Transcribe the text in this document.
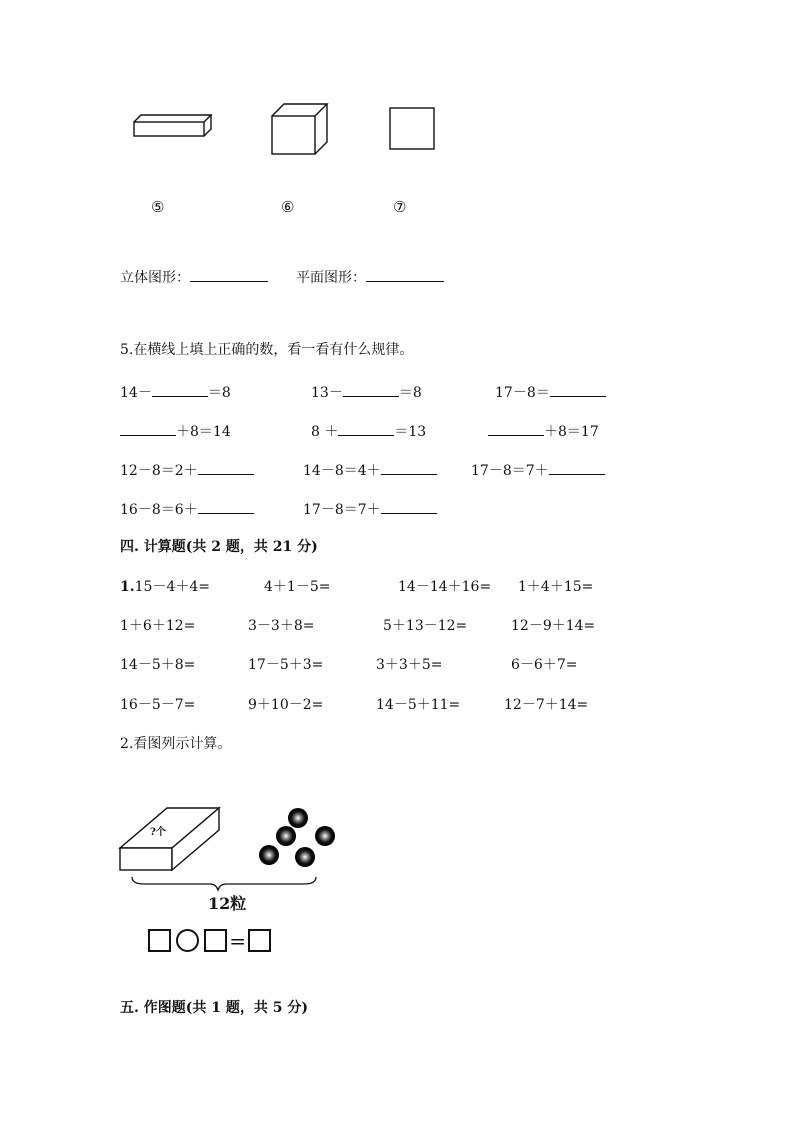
⑤	⑥	⑦
立体图形：	平面图形：
5.在横线上填上正确的数，看一看有什么规律。
14－	＝8	13－	＝8	17－8＝
＋8＝14	8 ＋	＝13	＋8＝17
12－8＝2＋	14－8＝4＋	17－8＝7＋
16－8＝6＋	17－8＝7＋
四. 计算题(共 2 题，共 21 分)
1.15－4＋4=	4＋1－5=	14－14＋16= 1＋4＋15=
1＋6＋12=	3－3＋8=	5＋13－12=	12－9＋14=
14－5＋8=	17－5＋3=	3＋3＋5=	6－6＋7=
16－5－7=	9＋10－2=	14－5＋11=	12－7＋14=
2.看图列示计算。
?个
12粒
=
五. 作图题(共 1 题，共 5 分)
